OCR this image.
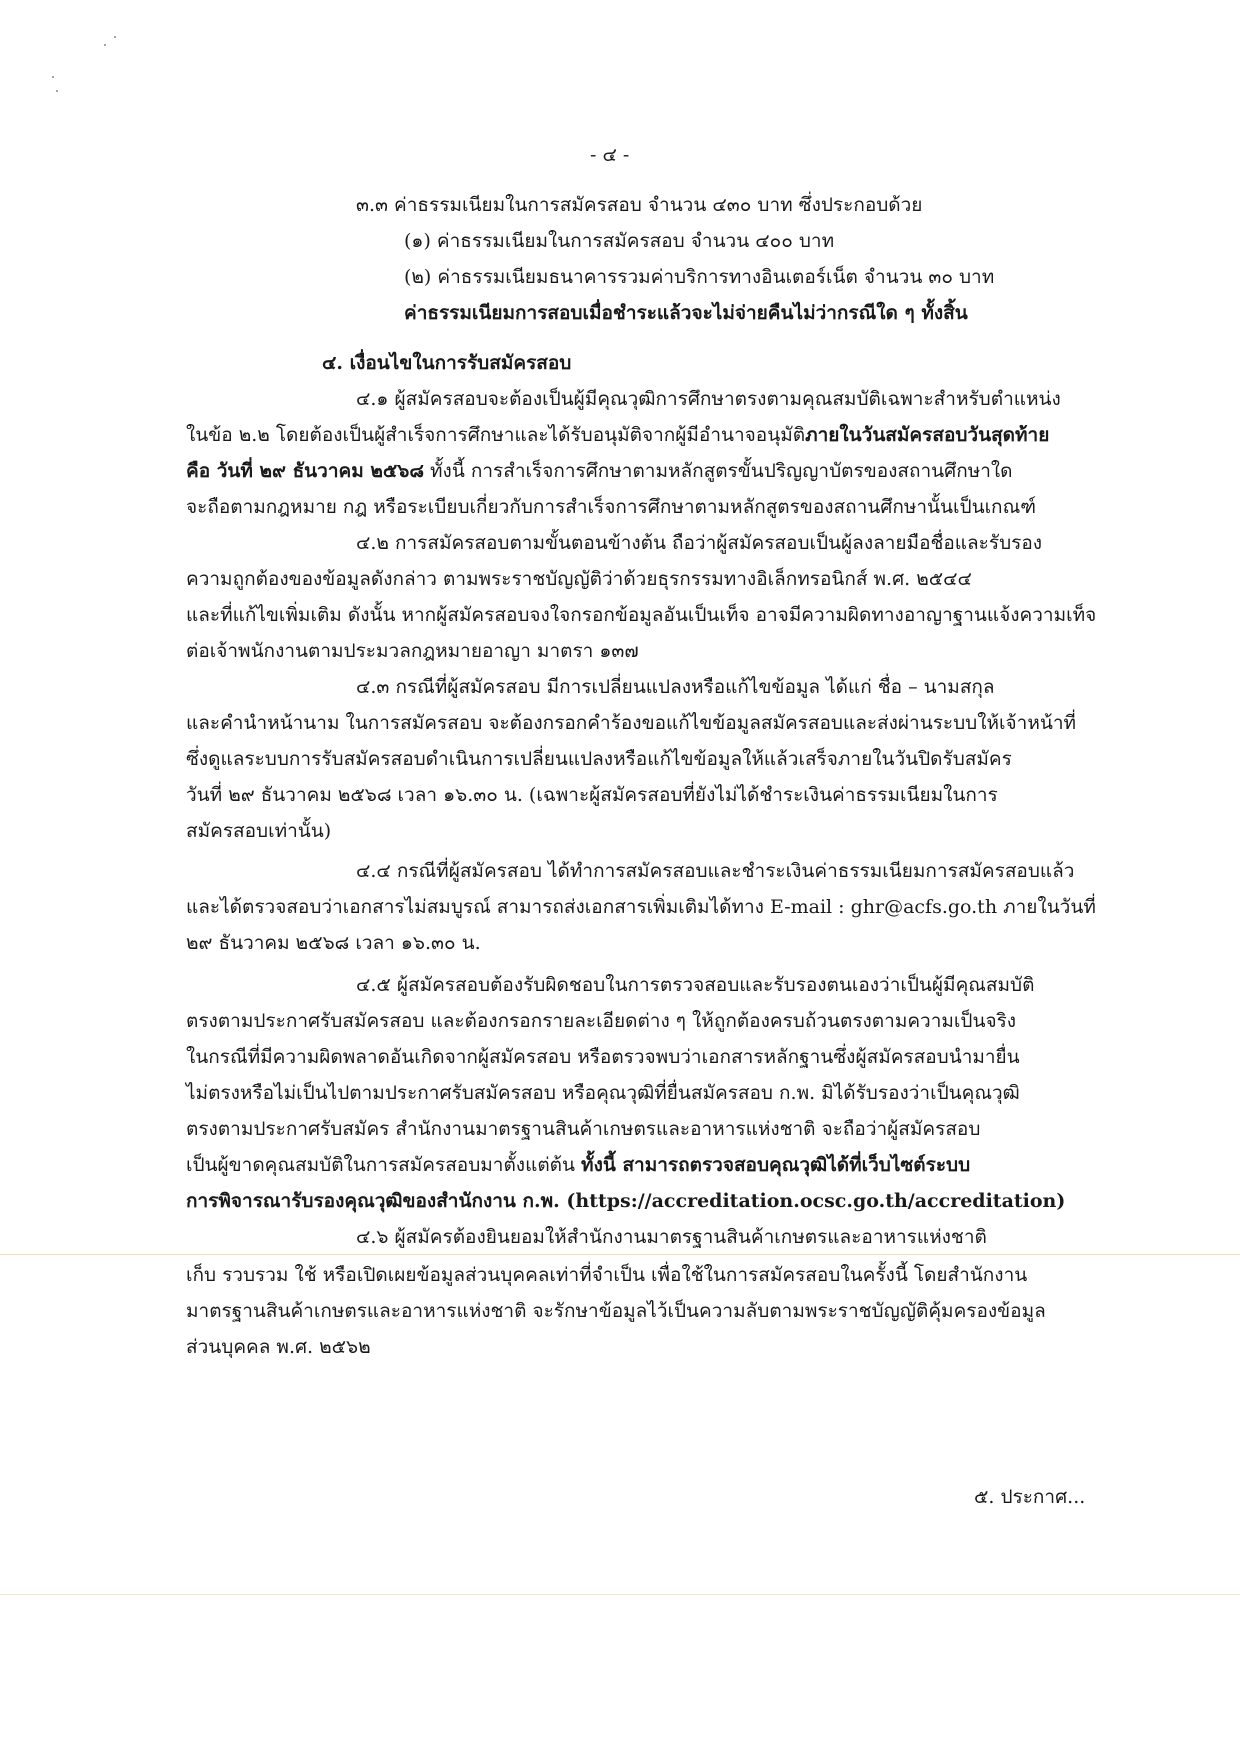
- ๔ -
๓.๓ ค่าธรรมเนียมในการสมัครสอบ จำนวน ๔๓๐ บาท ซึ่งประกอบด้วย
(๑) ค่าธรรมเนียมในการสมัครสอบ จำนวน ๔๐๐ บาท
(๒) ค่าธรรมเนียมธนาคารรวมค่าบริการทางอินเตอร์เน็ต จำนวน ๓๐ บาท
ค่าธรรมเนียมการสอบเมื่อชำระแล้วจะไม่จ่ายคืนไม่ว่ากรณีใด ๆ ทั้งสิ้น
๔. เงื่อนไขในการรับสมัครสอบ
๔.๑ ผู้สมัครสอบจะต้องเป็นผู้มีคุณวุฒิการศึกษาตรงตามคุณสมบัติเฉพาะสำหรับตำแหน่ง
ในข้อ ๒.๒ โดยต้องเป็นผู้สำเร็จการศึกษาและได้รับอนุมัติจากผู้มีอำนาจอนุมัติภายในวันสมัครสอบวันสุดท้าย
คือ วันที่ ๒๙ ธันวาคม ๒๕๖๘ ทั้งนี้ การสำเร็จการศึกษาตามหลักสูตรขั้นปริญญาบัตรของสถานศึกษาใด
จะถือตามกฎหมาย กฎ หรือระเบียบเกี่ยวกับการสำเร็จการศึกษาตามหลักสูตรของสถานศึกษานั้นเป็นเกณฑ์
๔.๒ การสมัครสอบตามขั้นตอนข้างต้น ถือว่าผู้สมัครสอบเป็นผู้ลงลายมือชื่อและรับรอง
ความถูกต้องของข้อมูลดังกล่าว ตามพระราชบัญญัติว่าด้วยธุรกรรมทางอิเล็กทรอนิกส์ พ.ศ. ๒๕๔๔
และที่แก้ไขเพิ่มเติม ดังนั้น หากผู้สมัครสอบจงใจกรอกข้อมูลอันเป็นเท็จ อาจมีความผิดทางอาญาฐานแจ้งความเท็จ
ต่อเจ้าพนักงานตามประมวลกฎหมายอาญา มาตรา ๑๓๗
๔.๓ กรณีที่ผู้สมัครสอบ มีการเปลี่ยนแปลงหรือแก้ไขข้อมูล ได้แก่ ชื่อ – นามสกุล
และคำนำหน้านาม ในการสมัครสอบ จะต้องกรอกคำร้องขอแก้ไขข้อมูลสมัครสอบและส่งผ่านระบบให้เจ้าหน้าที่
ซึ่งดูแลระบบการรับสมัครสอบดำเนินการเปลี่ยนแปลงหรือแก้ไขข้อมูลให้แล้วเสร็จภายในวันปิดรับสมัคร
วันที่ ๒๙ ธันวาคม ๒๕๖๘ เวลา ๑๖.๓๐ น. (เฉพาะผู้สมัครสอบที่ยังไม่ได้ชำระเงินค่าธรรมเนียมในการ
สมัครสอบเท่านั้น)
๔.๔ กรณีที่ผู้สมัครสอบ ได้ทำการสมัครสอบและชำระเงินค่าธรรมเนียมการสมัครสอบแล้ว
และได้ตรวจสอบว่าเอกสารไม่สมบูรณ์ สามารถส่งเอกสารเพิ่มเติมได้ทาง E-mail : ghr@acfs.go.th ภายในวันที่
๒๙ ธันวาคม ๒๕๖๘ เวลา ๑๖.๓๐ น.
๔.๕ ผู้สมัครสอบต้องรับผิดชอบในการตรวจสอบและรับรองตนเองว่าเป็นผู้มีคุณสมบัติ
ตรงตามประกาศรับสมัครสอบ และต้องกรอกรายละเอียดต่าง ๆ ให้ถูกต้องครบถ้วนตรงตามความเป็นจริง
ในกรณีที่มีความผิดพลาดอันเกิดจากผู้สมัครสอบ หรือตรวจพบว่าเอกสารหลักฐานซึ่งผู้สมัครสอบนำมายื่น
ไม่ตรงหรือไม่เป็นไปตามประกาศรับสมัครสอบ หรือคุณวุฒิที่ยื่นสมัครสอบ ก.พ. มิได้รับรองว่าเป็นคุณวุฒิ
ตรงตามประกาศรับสมัคร สำนักงานมาตรฐานสินค้าเกษตรและอาหารแห่งชาติ จะถือว่าผู้สมัครสอบ
เป็นผู้ขาดคุณสมบัติในการสมัครสอบมาตั้งแต่ต้น ทั้งนี้ สามารถตรวจสอบคุณวุฒิได้ที่เว็บไซต์ระบบ
การพิจารณารับรองคุณวุฒิของสำนักงาน ก.พ. (https://accreditation.ocsc.go.th/accreditation)
๔.๖ ผู้สมัครต้องยินยอมให้สำนักงานมาตรฐานสินค้าเกษตรและอาหารแห่งชาติ
เก็บ รวบรวม ใช้ หรือเปิดเผยข้อมูลส่วนบุคคลเท่าที่จำเป็น เพื่อใช้ในการสมัครสอบในครั้งนี้ โดยสำนักงาน
มาตรฐานสินค้าเกษตรและอาหารแห่งชาติ จะรักษาข้อมูลไว้เป็นความลับตามพระราชบัญญัติคุ้มครองข้อมูล
ส่วนบุคคล พ.ศ. ๒๕๖๒
๕. ประกาศ...
